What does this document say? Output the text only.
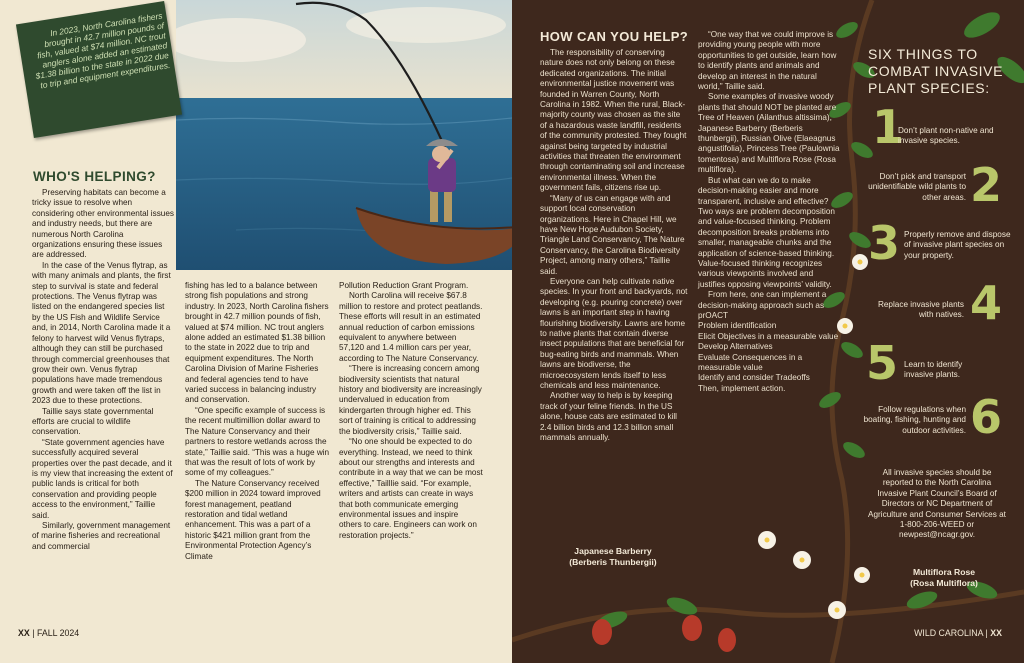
In 2023, North Carolina fishers brought in 42.7 million pounds of fish, valued at $74 million. NC trout anglers alone added an estimated $1.38 billion to the state in 2022 due to trip and equipment expenditures.
WHO'S HELPING?

Preserving habitats can become a tricky issue to resolve when considering other environmental issues and industry needs, but there are numerous North Carolina organizations ensuring these issues are addressed.

In the case of the Venus flytrap, as with many animals and plants, the first step to survival is state and federal protections. The Venus flytrap was listed on the endangered species list by the US Fish and Wildlife Service and, in 2014, North Carolina made it a felony to harvest wild Venus flytraps, although they can still be purchased through commercial greenhouses that grow their own. Venus flytrap populations have made tremendous growth and were taken off the list in 2023 due to these protections.

Taillie says state governmental efforts are crucial to wildlife conservation.

“State government agencies have successfully acquired several properties over the past decade, and it is my view that increasing the extent of public lands is critical for both conservation and providing people access to the environment,” Taillie said.

Similarly, government management of marine fisheries and recreational and commercial

fishing has led to a balance between strong fish populations and strong industry. In 2023, North Carolina fishers brought in 42.7 million pounds of fish, valued at $74 million. NC trout anglers alone added an estimated $1.38 billion to the state in 2022 due to trip and equipment expenditures. The North Carolina Division of Marine Fisheries and federal agencies tend to have varied success in balancing industry and conservation.

“One specific example of success is the recent multimillion dollar award to The Nature Conservancy and their partners to restore wetlands across the state,” Taillie said. “This was a huge win that was the result of lots of work by some of my colleagues.”

The Nature Conservancy received $200 million in 2024 toward improved forest management, peatland restoration and tidal wetland enhancement. This was a part of a historic $421 million grant from the Environmental Protection Agency’s Climate

Pollution Reduction Grant Program.

North Carolina will receive $67.8 million to restore and protect peatlands. These efforts will result in an estimated annual reduction of carbon emissions equivalent to anywhere between 57,120 and 1.4 million cars per year, according to The Nature Conservancy.

“There is increasing concern among biodiversity scientists that natural history and biodiversity are increasingly undervalued in education from kindergarten through higher ed. This sort of training is critical to addressing the biodiversity crisis,” Taillie said.

“No one should be expected to do everything. Instead, we need to think about our strengths and interests and contribute in a way that we can be most effective,” Tailllie said. “For example, writers and artists can create in ways that both communicate emerging environmental issues and inspire others to care. Engineers can work on restoration projects.”

XX | FALL 2024
HOW CAN YOU HELP?

The responsibility of conserving nature does not only belong on these dedicated organizations. The initial environmental justice movement was founded in Warren County, North Carolina in 1982. When the rural, Black-majority county was chosen as the site of a hazardous waste landfill, residents of the community protested. They fought against being targeted by industrial activities that threaten the environment through contaminating soil and increase environmental illness. When the government fails, citizens rise up.

“Many of us can engage with and support local conservation organizations. Here in Chapel Hill, we have New Hope Audubon Society, Triangle Land Conservancy, The Nature Conservancy, the Carolina Biodiversity Project, among many others,” Taillie said.

Everyone can help cultivate native species. In your front and backyards, not developing (e.g. pouring concrete) over lawns is an important step in having flourishing biodiversity. Lawns are home to native plants that contain diverse insect populations that are beneficial for bug-eating birds and mammals. When lawns are biodiverse, the microecosystem lends itself to less chemicals and less maintenance.

Another way to help is by keeping track of your feline friends. In the US alone, house cats are estimated to kill 2.4 billion birds and 12.3 billion small mammals annually.

“One way that we could improve is providing young people with more opportunities to get outside, learn how to identify plants and animals and develop an interest in the natural world,” Taillie said.

Some examples of invasive woody plants that should NOT be planted are Tree of Heaven (Ailanthus altissima), Japanese Barberry (Berberis thunbergii), Russian Olive (Elaeagnus angustifolia), Princess Tree (Paulownia tomentosa) and Multiflora Rose (Rosa multiflora).

But what can we do to make decision-making easier and more transparent, inclusive and effective? Two ways are problem decomposition and value-focused thinking. Problem decomposition breaks problems into smaller, manageable chunks and the application of science-based thinking. Value-focused thinking recognizes various viewpoints involved and justifies opposing viewpoints’ validity.

From here, one can implement a decision-making approach such as prOACT

Problem identification
Elicit Objectives in a measurable value
Develop Alternatives
Evaluate Consequences in a measurable value
Identify and consider Tradeoffs
Then, implement action.
Japanese Barberry
(Berberis Thunbergii)
SIX THINGS TO COMBAT INVASIVE PLANT SPECIES:
1
Don’t plant non-native and invasive species.
2
Don’t pick and transport unidentifiable wild plants to other areas.
3 Properly remove and dispose of invasive plant species on your property.
4
Replace invasive plants with natives.
5 Learn to identify invasive plants.
6
Follow regulations when boating, fishing, hunting and outdoor activities.
All invasive species should be reported to the North Carolina Invasive Plant Council’s Board of Directors or NC Department of Agriculture and Consumer Services at 1-800-206-WEED or newpest@ncagr.gov.
Multiflora Rose
(Rosa Multiflora)
WILD CAROLINA | XX
